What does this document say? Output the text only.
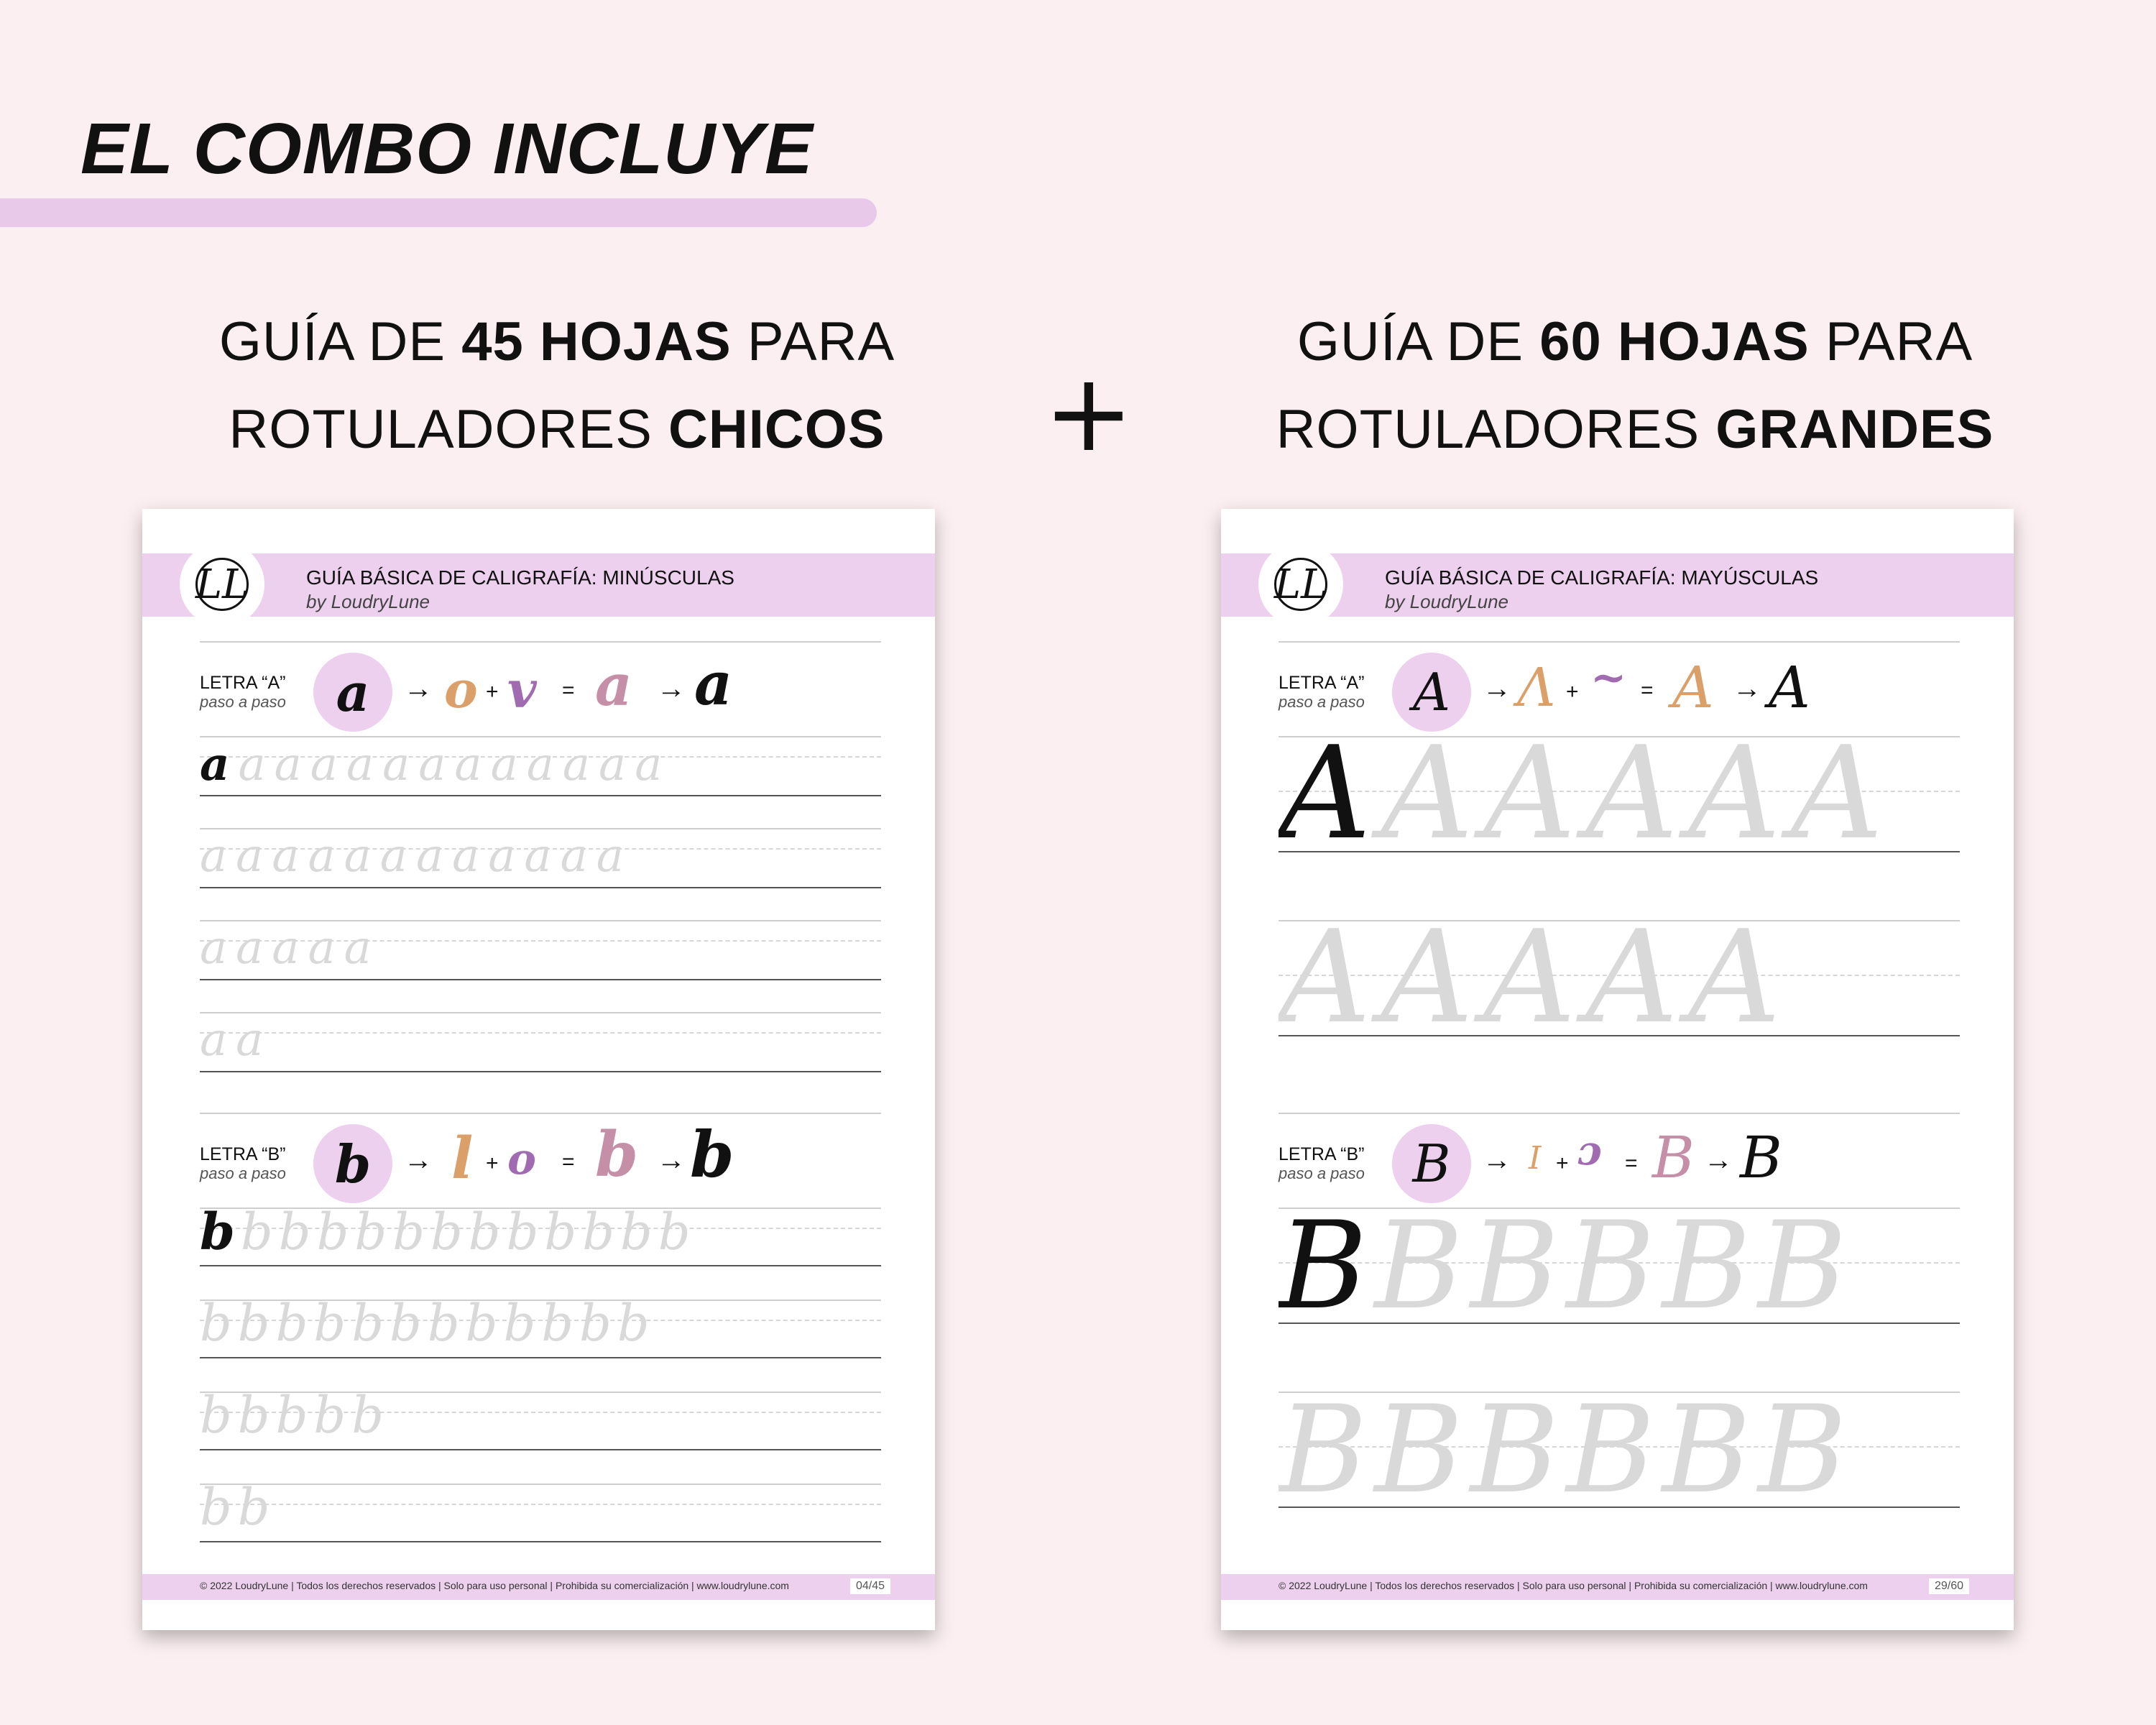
EL COMBO INCLUYE
GUÍA DE 45 HOJAS PARA
ROTULADORES CHICOS	+
GUÍA DE 60 HOJAS PARA
ROTULADORES GRANDES
LL	GUÍA BÁSICA DE CALIGRAFÍA: MINÚSCULAS
by LoudryLune
LETRA “A”
paso a paso a	→ o + v = a → a
aaaaaaaaaaaaa
aaaaaaaaaaaa
aaaaa
aa
LETRA “B”
paso a paso b	→ l + o = b → b
bbbbbbbbbbbbb
bbbbbbbbbbbb
bbbbb
bb
© 2022 LoudryLune | Todos los derechos reservados | Solo para uso personal | Prohibida su comercialización | www.loudrylune.com	04/45
LL	GUÍA BÁSICA DE CALIGRAFÍA: MAYÚSCULAS
by LoudryLune
LETRA “A”
paso a paso A	→ Λ + ~ = A → A
AAAAAA
AAAAA
LETRA “B”
paso a paso B	→ I + ɔ = B → B
BBBBBB
BBBBBB
© 2022 LoudryLune | Todos los derechos reservados | Solo para uso personal | Prohibida su comercialización | www.loudrylune.com	29/60
